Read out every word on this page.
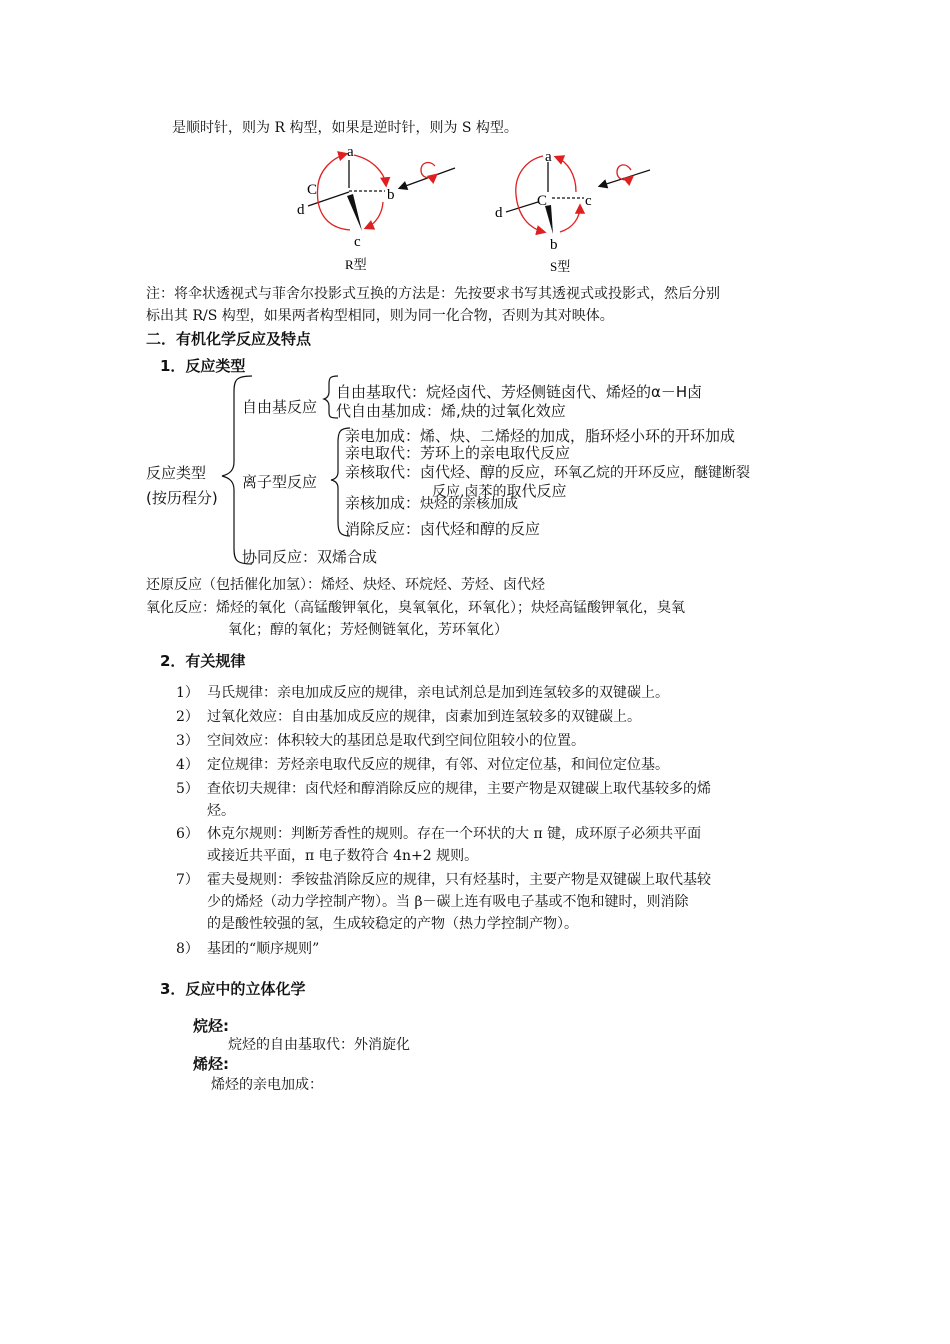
是顺时针，则为 R 构型，如果是逆时针，则为 S 构型。
a
b
c
C
d
R型
a
c
b
C
d
S型
注：将伞状透视式与菲舍尔投影式互换的方法是：先按要求书写其透视式或投影式，然后分别
标出其 R/S 构型，如果两者构型相同，则为同一化合物，否则为其对映体。
二．有机化学反应及特点
1．反应类型
反应类型
(按历程分)
自由基反应
自由基取代：烷烃卤代、芳烃侧链卤代、烯烃的α－H卤
代自由基加成：烯,炔的过氧化效应
离子型反应
亲电加成：烯、炔、二烯烃的加成，脂环烃小环的开环加成
亲电取代：芳环上的亲电取代反应
亲核取代：卤代烃、醇的反应，环氧乙烷的开环反应，醚键断裂
反应,卤苯的取代反应
亲核加成：炔烃的亲核加成
消除反应：卤代烃和醇的反应
协同反应：双烯合成
还原反应（包括催化加氢）：烯烃、炔烃、环烷烃、芳烃、卤代烃
氧化反应：烯烃的氧化（高锰酸钾氧化，臭氧氧化，环氧化）；炔烃高锰酸钾氧化，臭氧
氧化；醇的氧化；芳烃侧链氧化，芳环氧化）
2．有关规律
1） 马氏规律：亲电加成反应的规律，亲电试剂总是加到连氢较多的双键碳上。
2） 过氧化效应：自由基加成反应的规律，卤素加到连氢较多的双键碳上。
3） 空间效应：体积较大的基团总是取代到空间位阻较小的位置。
4） 定位规律：芳烃亲电取代反应的规律，有邻、对位定位基，和间位定位基。
5） 查依切夫规律：卤代烃和醇消除反应的规律，主要产物是双键碳上取代基较多的烯
烃。
6） 休克尔规则：判断芳香性的规则。存在一个环状的大 π 键，成环原子必须共平面
或接近共平面，π 电子数符合 4n+2 规则。
7） 霍夫曼规则：季铵盐消除反应的规律，只有烃基时，主要产物是双键碳上取代基较
少的烯烃（动力学控制产物）。当 β－碳上连有吸电子基或不饱和键时，则消除
的是酸性较强的氢，生成较稳定的产物（热力学控制产物）。
8） 基团的“顺序规则”
3．反应中的立体化学
烷烃:
烷烃的自由基取代：外消旋化
烯烃:
烯烃的亲电加成：
